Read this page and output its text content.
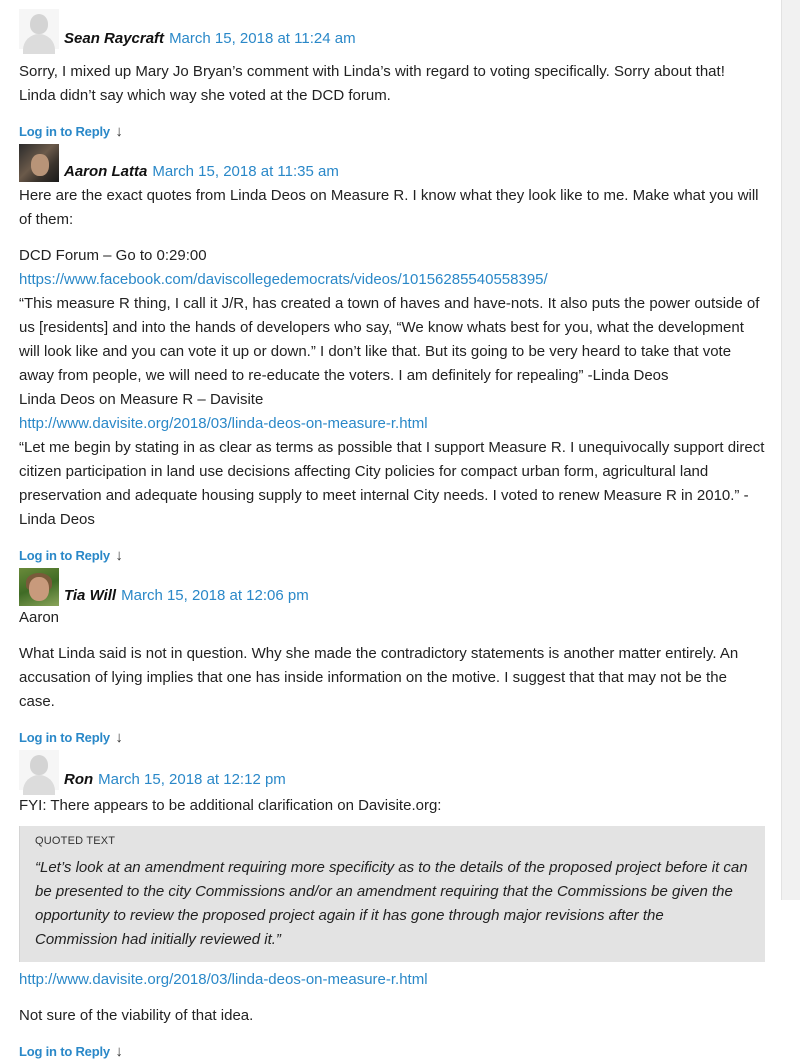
Sean Raycraft March 15, 2018 at 11:24 am

Sorry, I mixed up Mary Jo Bryan’s comment with Linda’s with regard to voting specifically. Sorry about that! Linda didn’t say which way she voted at the DCD forum.

Log in to Reply ↓
Aaron Latta March 15, 2018 at 11:35 am

Here are the exact quotes from Linda Deos on Measure R. I know what they look like to me. Make what you will of them:

DCD Forum – Go to 0:29:00

https://www.facebook.com/daviscollegedemocrats/videos/10156285540558395/

“This measure R thing, I call it J/R, has created a town of haves and have-nots. It also puts the power outside of us [residents] and into the hands of developers who say, “We know whats best for you, what the development will look like and you can vote it up or down.” I don’t like that. But its going to be very heard to take that vote away from people, we will need to re-educate the voters. I am definitely for repealing” -Linda Deos

Linda Deos on Measure R – Davisite

http://www.davisite.org/2018/03/linda-deos-on-measure-r.html

“Let me begin by stating in as clear as terms as possible that I support Measure R. I unequivocally support direct citizen participation in land use decisions affecting City policies for compact urban form, agricultural land preservation and adequate housing supply to meet internal City needs. I voted to renew Measure R in 2010.” -Linda Deos

Log in to Reply ↓
Tia Will March 15, 2018 at 12:06 pm

Aaron

What Linda said is not in question. Why she made the contradictory statements is another matter entirely. An accusation of lying implies that one has inside information on the motive. I suggest that that may not be the case.

Log in to Reply ↓
Ron March 15, 2018 at 12:12 pm

FYI: There appears to be additional clarification on Davisite.org:

QUOTED TEXT
“Let’s look at an amendment requiring more specificity as to the details of the proposed project before it can be presented to the city Commissions and/or an amendment requiring that the Commissions be given the opportunity to review the proposed project again if it has gone through major revisions after the Commission had initially reviewed it.”

http://www.davisite.org/2018/03/linda-deos-on-measure-r.html

Not sure of the viability of that idea.

Log in to Reply ↓
